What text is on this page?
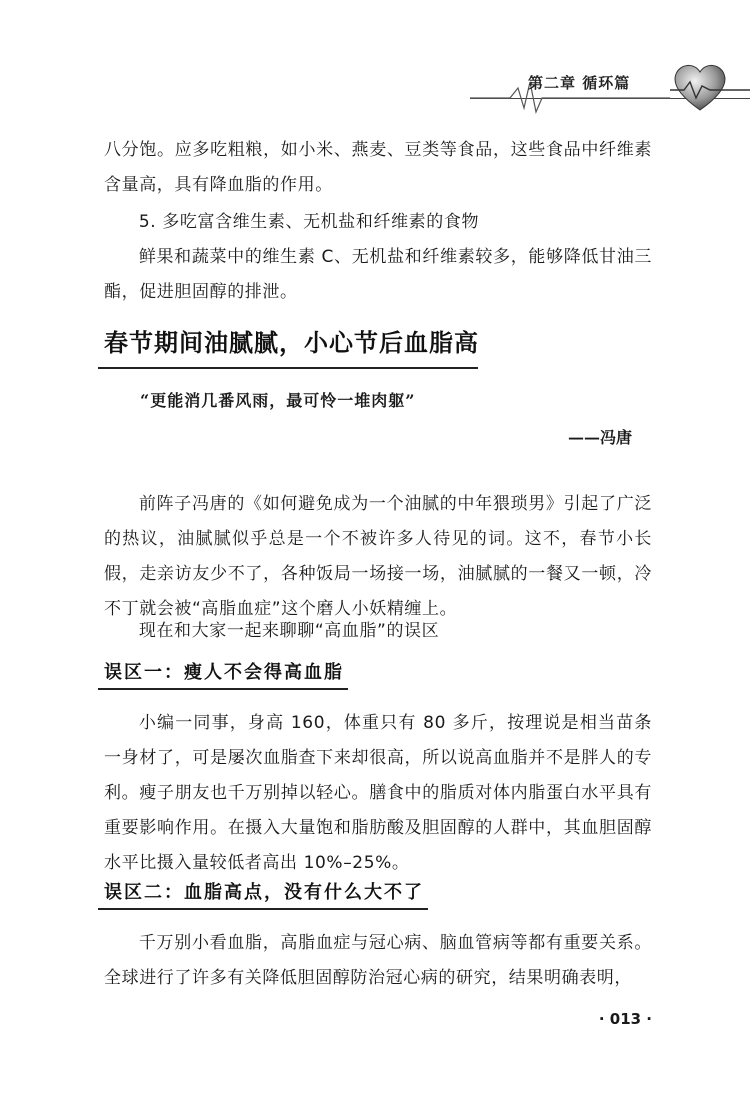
第二章 循环篇

八分饱。应多吃粗粮，如小米、燕麦、豆类等食品，这些食品中纤维素含量高，具有降血脂的作用。

5. 多吃富含维生素、无机盐和纤维素的食物

鲜果和蔬菜中的维生素 C、无机盐和纤维素较多，能够降低甘油三酯，促进胆固醇的排泄。

春节期间油腻腻，小心节后血脂高

“更能消几番风雨，最可怜一堆肉躯”

——冯唐

前阵子冯唐的《如何避免成为一个油腻的中年猥琐男》引起了广泛的热议，油腻腻似乎总是一个不被许多人待见的词。这不，春节小长假，走亲访友少不了，各种饭局一场接一场，油腻腻的一餐又一顿，冷不丁就会被“高脂血症”这个磨人小妖精缠上。

现在和大家一起来聊聊“高血脂”的误区

误区一：瘦人不会得高血脂

小编一同事，身高 160，体重只有 80 多斤，按理说是相当苗条一身材了，可是屡次血脂查下来却很高，所以说高血脂并不是胖人的专利。瘦子朋友也千万别掉以轻心。膳食中的脂质对体内脂蛋白水平具有重要影响作用。在摄入大量饱和脂肪酸及胆固醇的人群中，其血胆固醇水平比摄入量较低者高出 10%–25%。

误区二：血脂高点，没有什么大不了

千万别小看血脂，高脂血症与冠心病、脑血管病等都有重要关系。全球进行了许多有关降低胆固醇防治冠心病的研究，结果明确表明，

· 013 ·
